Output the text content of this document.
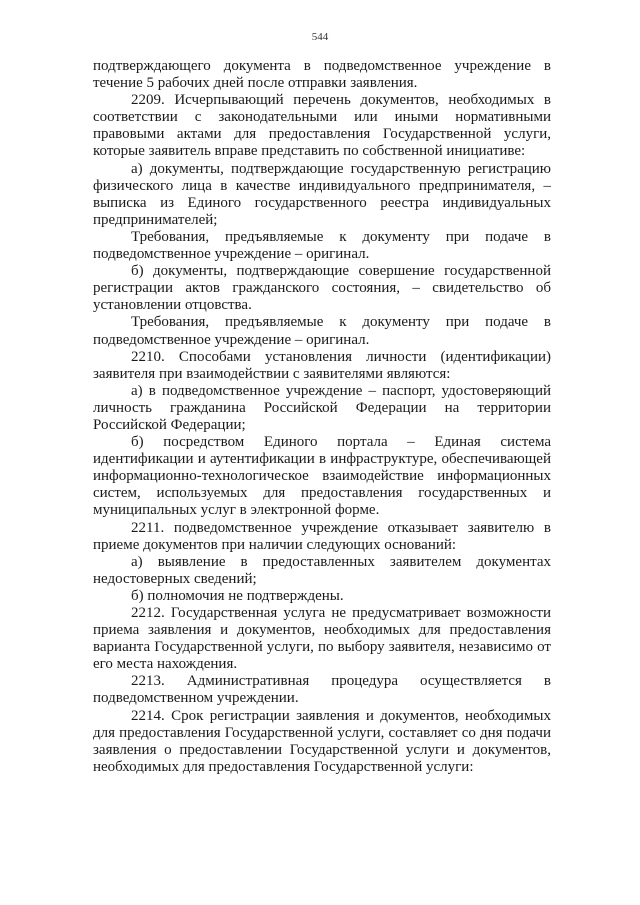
544

подтверждающего документа в подведомственное учреждение в течение 5 рабочих дней после отправки заявления.

2209. Исчерпывающий перечень документов, необходимых в соответствии с законодательными или иными нормативными правовыми актами для предоставления Государственной услуги, которые заявитель вправе представить по собственной инициативе:

а) документы, подтверждающие государственную регистрацию физического лица в качестве индивидуального предпринимателя, – выписка из Единого государственного реестра индивидуальных предпринимателей;

Требования, предъявляемые к документу при подаче в подведомственное учреждение – оригинал.

б) документы, подтверждающие совершение государственной регистрации актов гражданского состояния, – свидетельство об установлении отцовства.

Требования, предъявляемые к документу при подаче в подведомственное учреждение – оригинал.

2210. Способами установления личности (идентификации) заявителя при взаимодействии с заявителями являются:

а) в подведомственное учреждение – паспорт, удостоверяющий личность гражданина Российской Федерации на территории Российской Федерации;

б) посредством Единого портала – Единая система идентификации и аутентификации в инфраструктуре, обеспечивающей информационно-технологическое взаимодействие информационных систем, используемых для предоставления государственных и муниципальных услуг в электронной форме.

2211. подведомственное учреждение отказывает заявителю в приеме документов при наличии следующих оснований:

а) выявление в предоставленных заявителем документах недостоверных сведений;

б) полномочия не подтверждены.

2212. Государственная услуга не предусматривает возможности приема заявления и документов, необходимых для предоставления варианта Государственной услуги, по выбору заявителя, независимо от его места нахождения.

2213. Административная процедура осуществляется в подведомственном учреждении.

2214. Срок регистрации заявления и документов, необходимых для предоставления Государственной услуги, составляет со дня подачи заявления о предоставлении Государственной услуги и документов, необходимых для предоставления Государственной услуги:
